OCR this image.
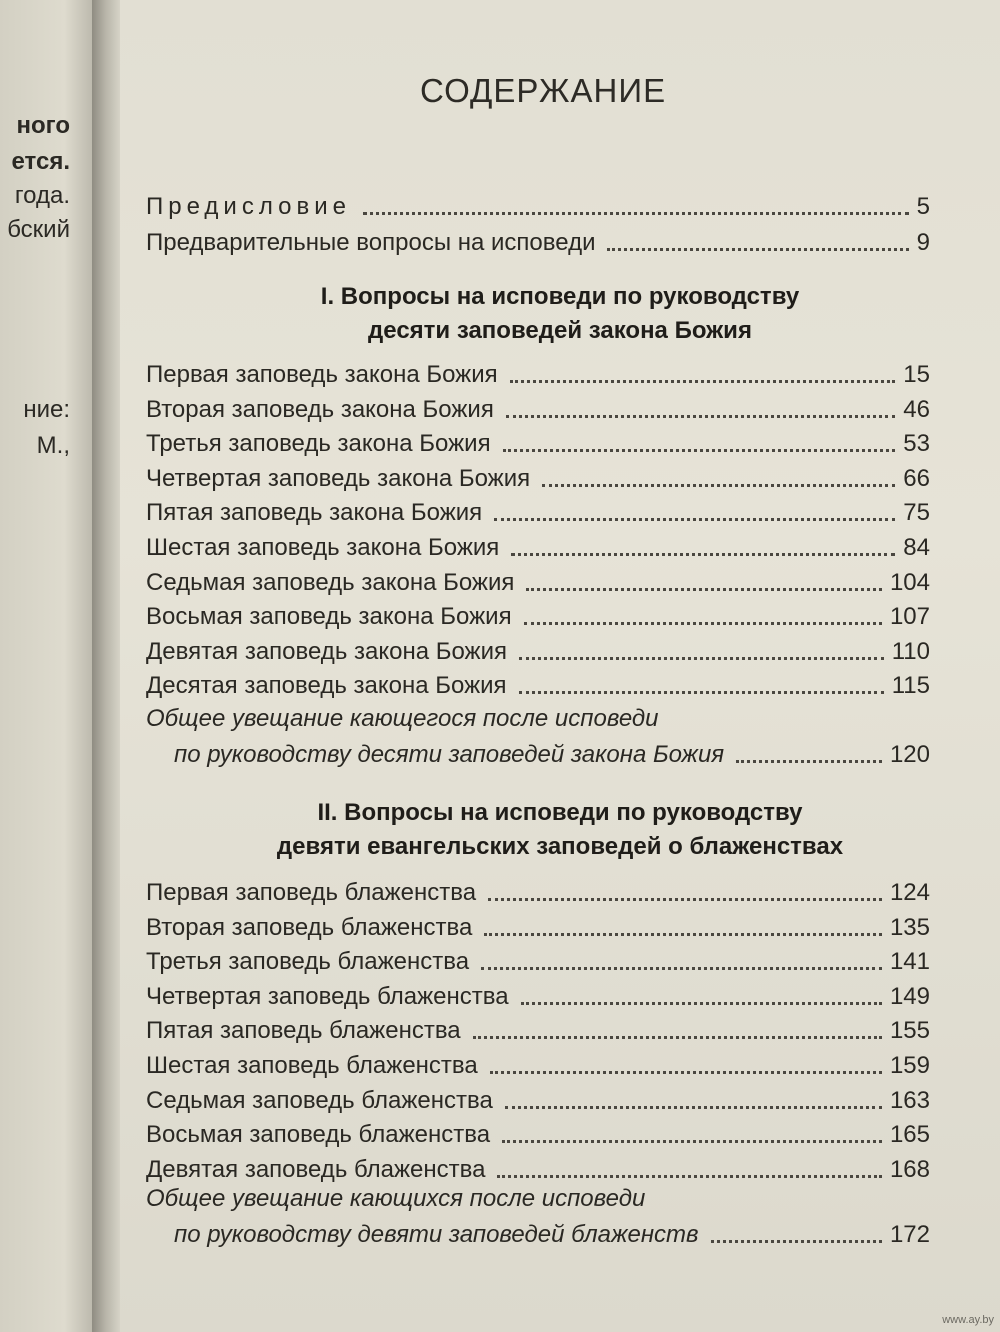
ного
ется.
года.
бский
ние:
М.,
СОДЕРЖАНИЕ
Предисловие	5
Предварительные вопросы на исповеди	9
I. Вопросы на исповеди по руководству
десяти заповедей закона Божия
Первая заповедь закона Божия	15
Вторая заповедь закона Божия	46
Третья заповедь закона Божия	53
Четвертая заповедь закона Божия	66
Пятая заповедь закона Божия	75
Шестая заповедь закона Божия	84
Седьмая заповедь закона Божия	104
Восьмая заповедь закона Божия	107
Девятая заповедь закона Божия	110
Десятая заповедь закона Божия	115
Общее увещание кающегося после исповеди
по руководству десяти заповедей закона Божия	120
II. Вопросы на исповеди по руководству
девяти евангельских заповедей о блаженствах
Первая заповедь блаженства	124
Вторая заповедь блаженства	135
Третья заповедь блаженства	141
Четвертая заповедь блаженства	149
Пятая заповедь блаженства	155
Шестая заповедь блаженства	159
Седьмая заповедь блаженства	163
Восьмая заповедь блаженства	165
Девятая заповедь блаженства	168
Общее увещание кающихся после исповеди
по руководству девяти заповедей блаженств	172
www.ay.by
